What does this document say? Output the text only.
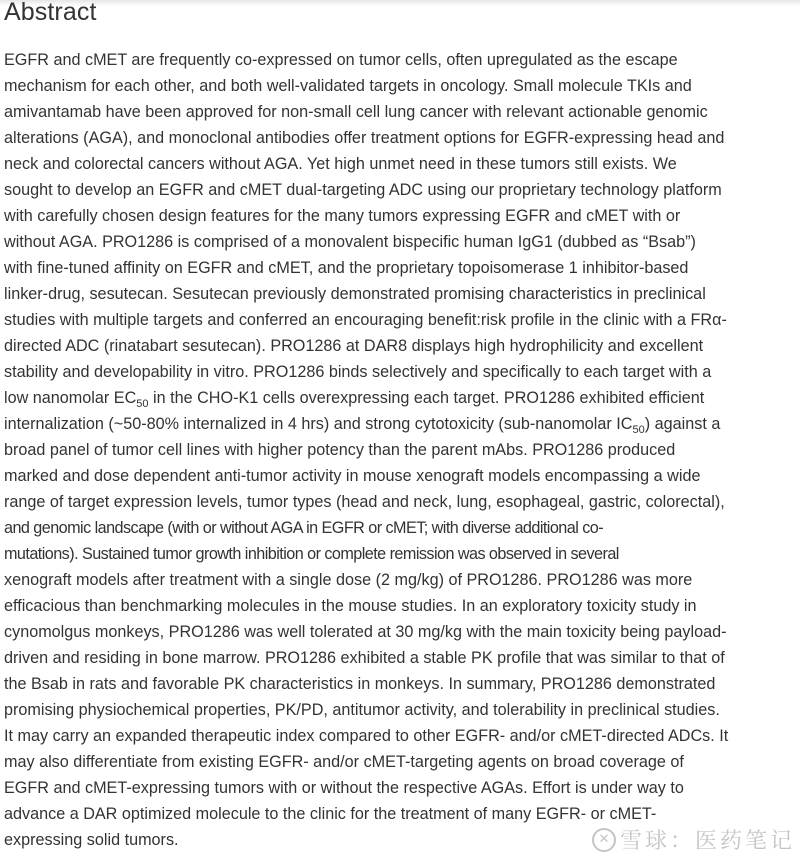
Abstract
EGFR and cMET are frequently co-expressed on tumor cells, often upregulated as the escape
mechanism for each other, and both well-validated targets in oncology. Small molecule TKIs and
amivantamab have been approved for non-small cell lung cancer with relevant actionable genomic
alterations (AGA), and monoclonal antibodies offer treatment options for EGFR-expressing head and
neck and colorectal cancers without AGA. Yet high unmet need in these tumors still exists. We
sought to develop an EGFR and cMET dual-targeting ADC using our proprietary technology platform
with carefully chosen design features for the many tumors expressing EGFR and cMET with or
without AGA. PRO1286 is comprised of a monovalent bispecific human IgG1 (dubbed as “Bsab”)
with fine-tuned affinity on EGFR and cMET, and the proprietary topoisomerase 1 inhibitor-based
linker-drug, sesutecan. Sesutecan previously demonstrated promising characteristics in preclinical
studies with multiple targets and conferred an encouraging benefit:risk profile in the clinic with a FRα-
directed ADC (rinatabart sesutecan). PRO1286 at DAR8 displays high hydrophilicity and excellent
stability and developability in vitro. PRO1286 binds selectively and specifically to each target with a
low nanomolar $EC_{50}$ in the CHO-K1 cells overexpressing each target. PRO1286 exhibited efficient
internalization (~50-80% internalized in 4 hrs) and strong cytotoxicity (sub-nanomolar $IC_{50}$) against a
broad panel of tumor cell lines with higher potency than the parent mAbs. PRO1286 produced
marked and dose dependent anti-tumor activity in mouse xenograft models encompassing a wide
range of target expression levels, tumor types (head and neck, lung, esophageal, gastric, colorectal),
and genomic landscape (with or without AGA in EGFR or cMET; with diverse additional co-
mutations). Sustained tumor growth inhibition or complete remission was observed in several
xenograft models after treatment with a single dose (2 mg/kg) of PRO1286. PRO1286 was more
efficacious than benchmarking molecules in the mouse studies. In an exploratory toxicity study in
cynomolgus monkeys, PRO1286 was well tolerated at 30 mg/kg with the main toxicity being payload-
driven and residing in bone marrow. PRO1286 exhibited a stable PK profile that was similar to that of
the Bsab in rats and favorable PK characteristics in monkeys. In summary, PRO1286 demonstrated
promising physiochemical properties, PK/PD, antitumor activity, and tolerability in preclinical studies.
It may carry an expanded therapeutic index compared to other EGFR- and/or cMET-directed ADCs. It
may also differentiate from existing EGFR- and/or cMET-targeting agents on broad coverage of
EGFR and cMET-expressing tumors with or without the respective AGAs. Effort is under way to
advance a DAR optimized molecule to the clinic for the treatment of many EGFR- or cMET-
expressing solid tumors.	✕ 雪球：医药笔记
